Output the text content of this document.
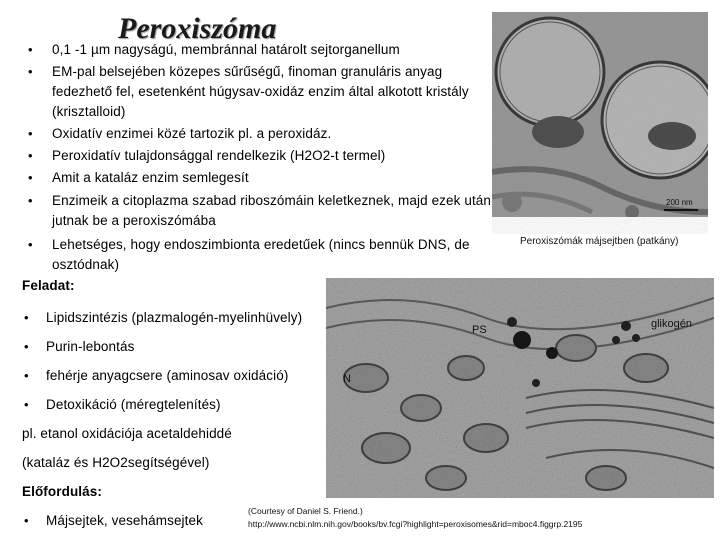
Peroxiszóma
200 nm
Peroxiszómák májsejtben (patkány)
PS
N
glikogén
• 0,1 -1 µm nagyságú, membránnal határolt sejtorganellum
• EM-pal belsejében közepes sűrűségű, finoman granuláris anyag
fedezhető fel, esetenként húgysav-oxidáz enzim által alkotott kristály
(krisztalloid)
• Oxidatív enzimei közé tartozik pl. a peroxidáz.
• Peroxidatív tulajdonsággal rendelkezik (H2O2-t termel)
• Amit a kataláz enzim semlegesít
• Enzimeik a citoplazma szabad riboszómáin keletkeznek, majd ezek után
jutnak be a peroxiszómába
• Lehetséges, hogy endoszimbionta eredetűek (nincs bennük DNS, de
osztódnak)
Feladat:
• Lipidszintézis (plazmalogén-myelinhüvely)
• Purin-lebontás
• fehérje anyagcsere (aminosav oxidáció)
• Detoxikáció (méregtelenítés)
pl. etanol oxidációja acetaldehiddé
(kataláz és H2O2segítségével)
Előfordulás:
• Májsejtek, vesehámsejtek
(Courtesy of Daniel S. Friend.)
http://www.ncbi.nlm.nih.gov/books/bv.fcgi?highlight=peroxisomes&rid=mboc4.figgrp.2195
